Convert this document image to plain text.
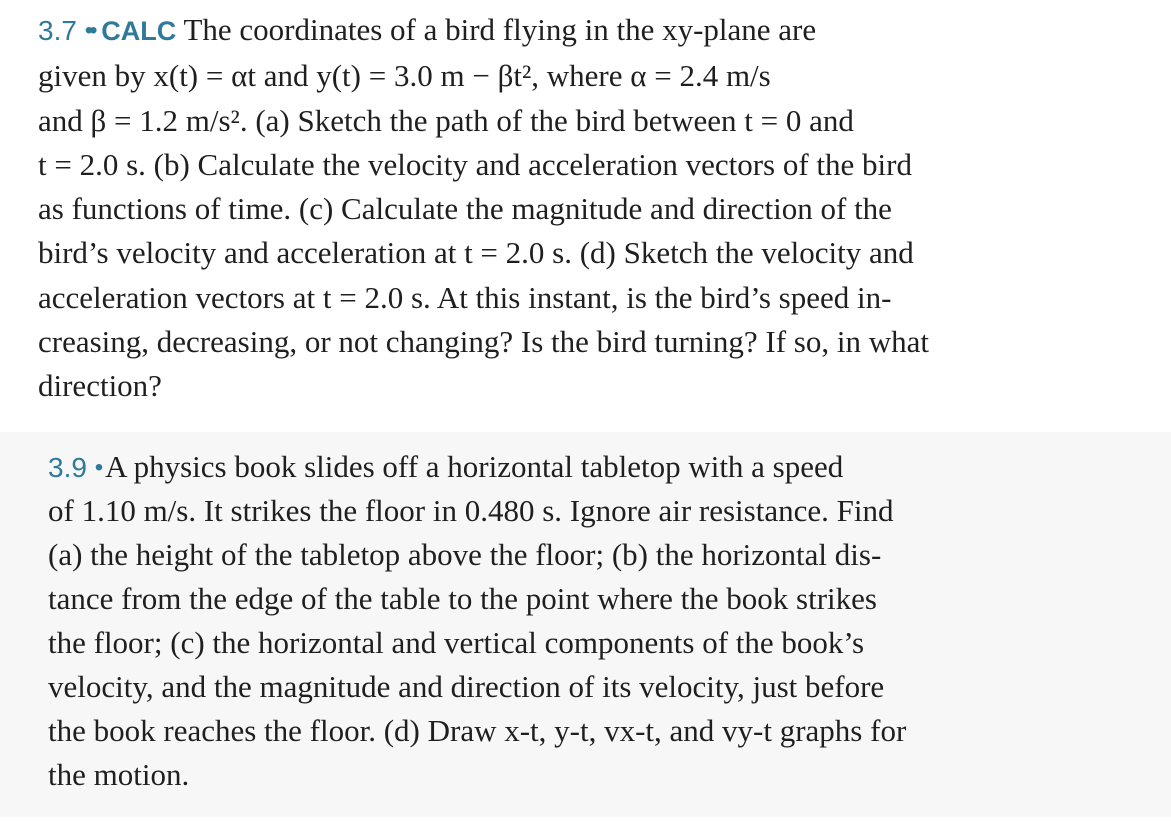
3.7 •• CALC The coordinates of a bird flying in the xy-plane are
given by x(t) = αt and y(t) = 3.0 m − βt², where α = 2.4 m/s
and β = 1.2 m/s². (a) Sketch the path of the bird between t = 0 and
t = 2.0 s. (b) Calculate the velocity and acceleration vectors of the bird
as functions of time. (c) Calculate the magnitude and direction of the
bird’s velocity and acceleration at t = 2.0 s. (d) Sketch the velocity and
acceleration vectors at t = 2.0 s. At this instant, is the bird’s speed in-
creasing, decreasing, or not changing? Is the bird turning? If so, in what
direction?
3.9 • A physics book slides off a horizontal tabletop with a speed
of 1.10 m/s. It strikes the floor in 0.480 s. Ignore air resistance. Find
(a) the height of the tabletop above the floor; (b) the horizontal dis-
tance from the edge of the table to the point where the book strikes
the floor; (c) the horizontal and vertical components of the book’s
velocity, and the magnitude and direction of its velocity, just before
the book reaches the floor. (d) Draw x-t, y-t, vx-t, and vy-t graphs for
the motion.
